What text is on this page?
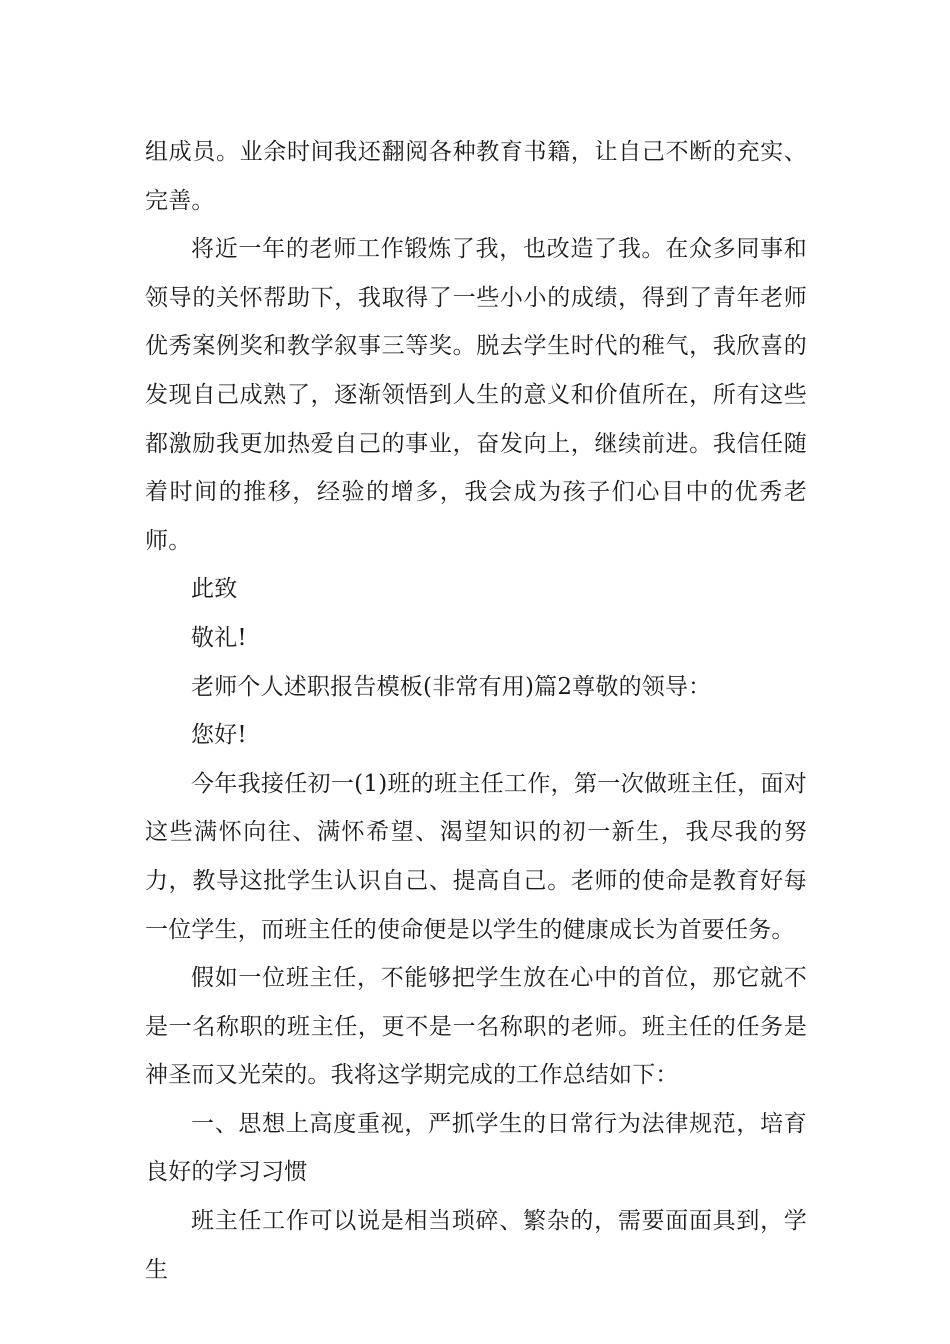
组成员。业余时间我还翻阅各种教育书籍，让自己不断的充实、完善。

将近一年的老师工作锻炼了我，也改造了我。在众多同事和领导的关怀帮助下，我取得了一些小小的成绩，得到了青年老师优秀案例奖和教学叙事三等奖。脱去学生时代的稚气，我欣喜的发现自己成熟了，逐渐领悟到人生的意义和价值所在，所有这些都激励我更加热爱自己的事业，奋发向上，继续前进。我信任随着时间的推移，经验的增多，我会成为孩子们心目中的优秀老师。

此致

敬礼!

老师个人述职报告模板(非常有用)篇2尊敬的领导：

您好!

今年我接任初一(1)班的班主任工作，第一次做班主任，面对这些满怀向往、满怀希望、渴望知识的初一新生，我尽我的努力，教导这批学生认识自己、提高自己。老师的使命是教育好每一位学生，而班主任的使命便是以学生的健康成长为首要任务。

假如一位班主任，不能够把学生放在心中的首位，那它就不是一名称职的班主任，更不是一名称职的老师。班主任的任务是神圣而又光荣的。我将这学期完成的工作总结如下：

一、思想上高度重视，严抓学生的日常行为法律规范，培育良好的学习习惯

班主任工作可以说是相当琐碎、繁杂的，需要面面具到，学生
